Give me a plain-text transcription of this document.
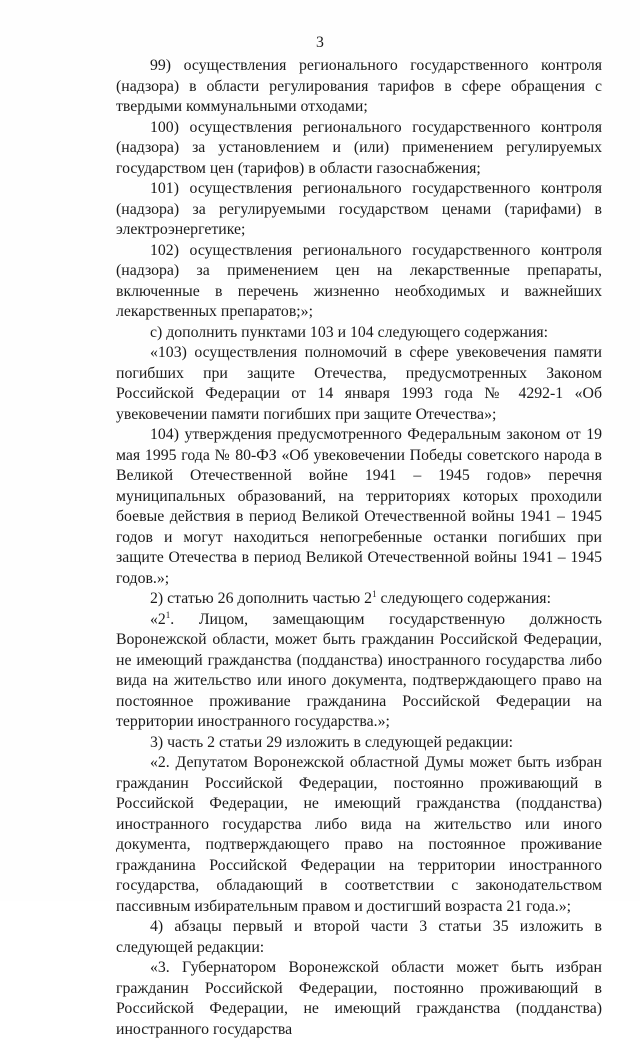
3

99) осуществления регионального государственного контроля (надзора) в области регулирования тарифов в сфере обращения с твердыми коммунальными отходами;

100) осуществления регионального государственного контроля (надзора) за установлением и (или) применением регулируемых государством цен (тарифов) в области газоснабжения;

101) осуществления регионального государственного контроля (надзора) за регулируемыми государством ценами (тарифами) в электроэнергетике;

102) осуществления регионального государственного контроля (надзора) за применением цен на лекарственные препараты, включенные в перечень жизненно необходимых и важнейших лекарственных препаратов;»;

с) дополнить пунктами 103 и 104 следующего содержания:

«103) осуществления полномочий в сфере увековечения памяти погибших при защите Отечества, предусмотренных Законом Российской Федерации от 14 января 1993 года № 4292-1 «Об увековечении памяти погибших при защите Отечества»;

104) утверждения предусмотренного Федеральным законом от 19 мая 1995 года № 80-ФЗ «Об увековечении Победы советского народа в Великой Отечественной войне 1941 – 1945 годов» перечня муниципальных образований, на территориях которых проходили боевые действия в период Великой Отечественной войны 1941 – 1945 годов и могут находиться непогребенные останки погибших при защите Отечества в период Великой Отечественной войны 1941 – 1945 годов.»;

2) статью 26 дополнить частью $2^1$ следующего содержания:

«$2^1$. Лицом, замещающим государственную должность Воронежской области, может быть гражданин Российской Федерации, не имеющий гражданства (подданства) иностранного государства либо вида на жительство или иного документа, подтверждающего право на постоянное проживание гражданина Российской Федерации на территории иностранного государства.»;

3) часть 2 статьи 29 изложить в следующей редакции:

«2. Депутатом Воронежской областной Думы может быть избран гражданин Российской Федерации, постоянно проживающий в Российской Федерации, не имеющий гражданства (подданства) иностранного государства либо вида на жительство или иного документа, подтверждающего право на постоянное проживание гражданина Российской Федерации на территории иностранного государства, обладающий в соответствии с законодательством пассивным избирательным правом и достигший возраста 21 года.»;

4) абзацы первый и второй части 3 статьи 35 изложить в следующей редакции:

«3. Губернатором Воронежской области может быть избран гражданин Российской Федерации, постоянно проживающий в Российской Федерации, не имеющий гражданства (подданства) иностранного государства
